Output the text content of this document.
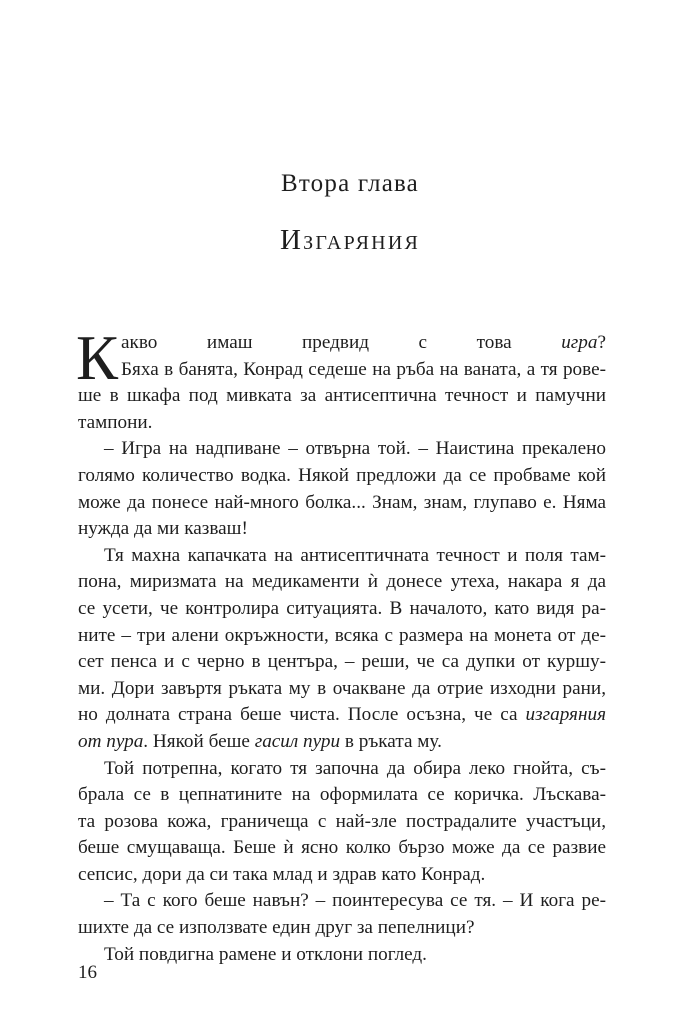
Втора глава
Изгаряния
К акво имаш предвид с това игра?
Бяха в банята, Конрад седеше на ръба на ваната, а тя рове-
ше в шкафа под мивката за антисептична течност и памучни
тампони.
– Игра на надпиване – отвърна той. – Наистина прекалено
голямо количество водка. Някой предложи да се пробваме кой
може да понесе най-много болка... Знам, знам, глупаво е. Няма
нужда да ми казваш!
Тя махна капачката на антисептичната течност и поля там-
пона, миризмата на медикаменти ѝ донесе утеха, накара я да
се усети, че контролира ситуацията. В началото, като видя ра-
ните – три алени окръжности, всяка с размера на монета от де-
сет пенса и с черно в центъра, – реши, че са дупки от куршу-
ми. Дори завъртя ръката му в очакване да отрие изходни рани,
но долната страна беше чиста. После осъзна, че са изгаряния
от пура. Някой беше гасил пури в ръката му.
Той потрепна, когато тя започна да обира леко гнойта, съ-
брала се в цепнатините на оформилата се коричка. Лъскава-
та розова кожа, граничеща с най-зле пострадалите участъци,
беше смущаваща. Беше ѝ ясно колко бързо може да се развие
сепсис, дори да си така млад и здрав като Конрад.
– Та с кого беше навън? – поинтересува се тя. – И кога ре-
шихте да се използвате един друг за пепелници?
Той повдигна рамене и отклони поглед.
16
